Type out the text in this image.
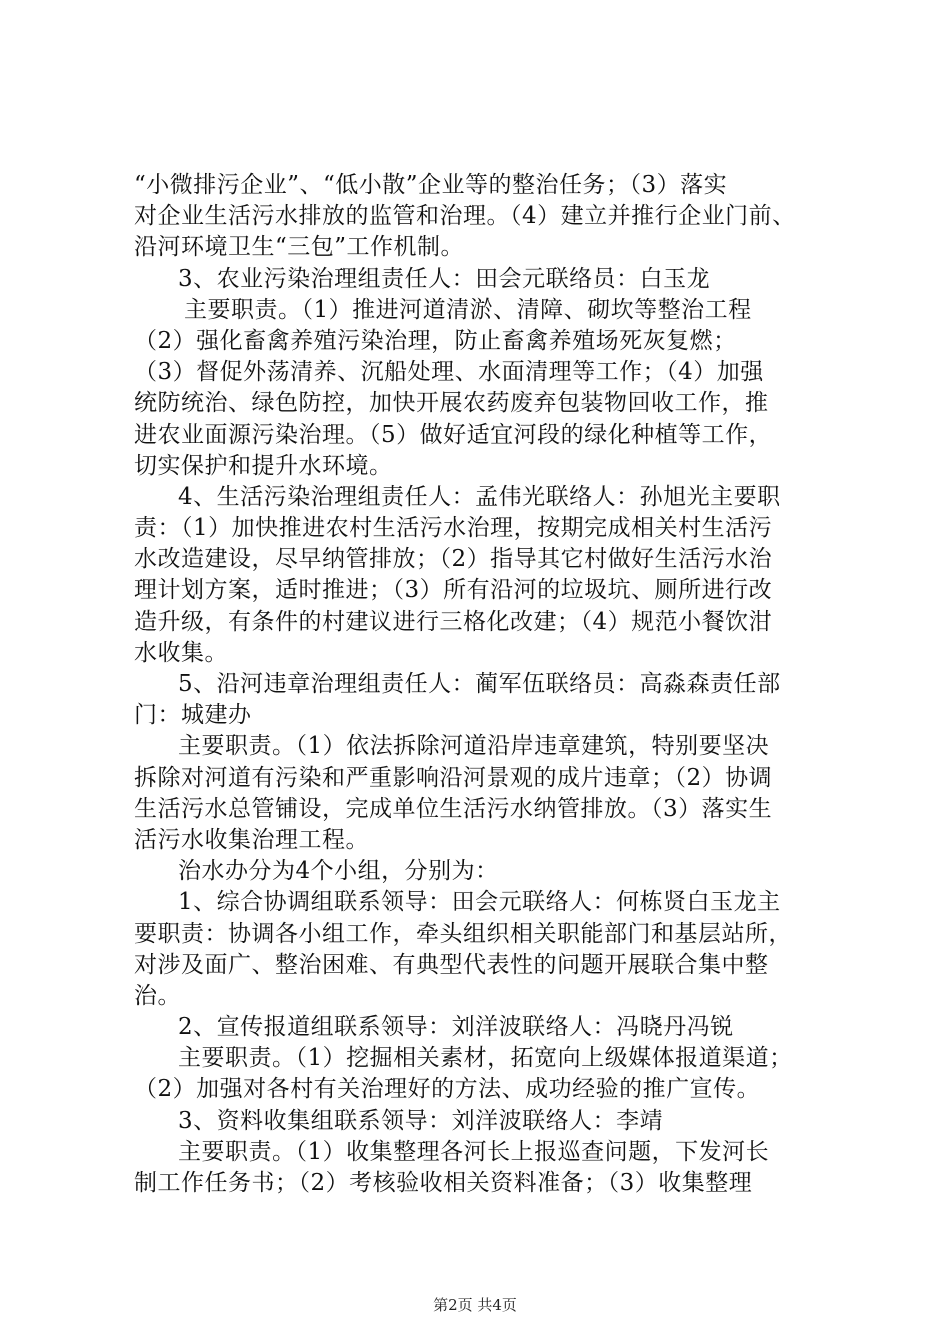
“小微排污企业”、“低小散”企业等的整治任务；（3）落实
对企业生活污水排放的监管和治理。（4）建立并推行企业门前、
沿河环境卫生“三包”工作机制。
3、农业污染治理组责任人：田会元联络员：白玉龙
主要职责。（1）推进河道清淤、清障、砌坎等整治工程
（2）强化畜禽养殖污染治理，防止畜禽养殖场死灰复燃；
（3）督促外荡清养、沉船处理、水面清理等工作；（4）加强
统防统治、绿色防控，加快开展农药废弃包装物回收工作，推
进农业面源污染治理。（5）做好适宜河段的绿化种植等工作，
切实保护和提升水环境。
4、生活污染治理组责任人：孟伟光联络人：孙旭光主要职
责：（1）加快推进农村生活污水治理，按期完成相关村生活污
水改造建设，尽早纳管排放；（2）指导其它村做好生活污水治
理计划方案，适时推进；（3）所有沿河的垃圾坑、厕所进行改
造升级，有条件的村建议进行三格化改建；（4）规范小餐饮泔
水收集。
5、沿河违章治理组责任人：蔺军伍联络员：高淼森责任部
门：城建办
主要职责。（1）依法拆除河道沿岸违章建筑，特别要坚决
拆除对河道有污染和严重影响沿河景观的成片违章；（2）协调
生活污水总管铺设，完成单位生活污水纳管排放。（3）落实生
活污水收集治理工程。
治水办分为4个小组，分别为：
1、综合协调组联系领导：田会元联络人：何栋贤白玉龙主
要职责：协调各小组工作，牵头组织相关职能部门和基层站所，
对涉及面广、整治困难、有典型代表性的问题开展联合集中整
治。
2、宣传报道组联系领导：刘洋波联络人：冯晓丹冯锐
主要职责。（1）挖掘相关素材，拓宽向上级媒体报道渠道；
（2）加强对各村有关治理好的方法、成功经验的推广宣传。
3、资料收集组联系领导：刘洋波联络人：李靖
主要职责。（1）收集整理各河长上报巡查问题，下发河长
制工作任务书；（2）考核验收相关资料准备；（3）收集整理
第2页 共4页
